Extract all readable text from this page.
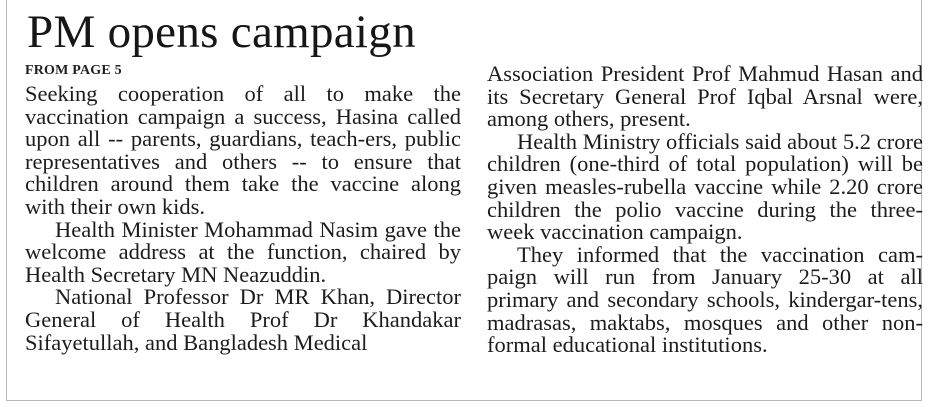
PM opens campaign
FROM PAGE 5

Seeking cooperation of all to make the vaccination campaign a success, Hasina called upon all -- parents, guardians, teach-ers, public representatives and others -- to ensure that children around them take the vaccine along with their own kids.

Health Minister Mohammad Nasim gave the welcome address at the function, chaired by Health Secretary MN Neazuddin.

National Professor Dr MR Khan, Director General of Health Prof Dr Khandakar Sifayetullah, and Bangladesh Medical

Association President Prof Mahmud Hasan and its Secretary General Prof Iqbal Arsnal were, among others, present.

Health Ministry officials said about 5.2 crore children (one-third of total population) will be given measles-rubella vaccine while 2.20 crore children the polio vaccine during the three-week vaccination campaign.

They informed that the vaccination cam-paign will run from January 25-30 at all primary and secondary schools, kindergar-tens, madrasas, maktabs, mosques and other non-formal educational institutions.
